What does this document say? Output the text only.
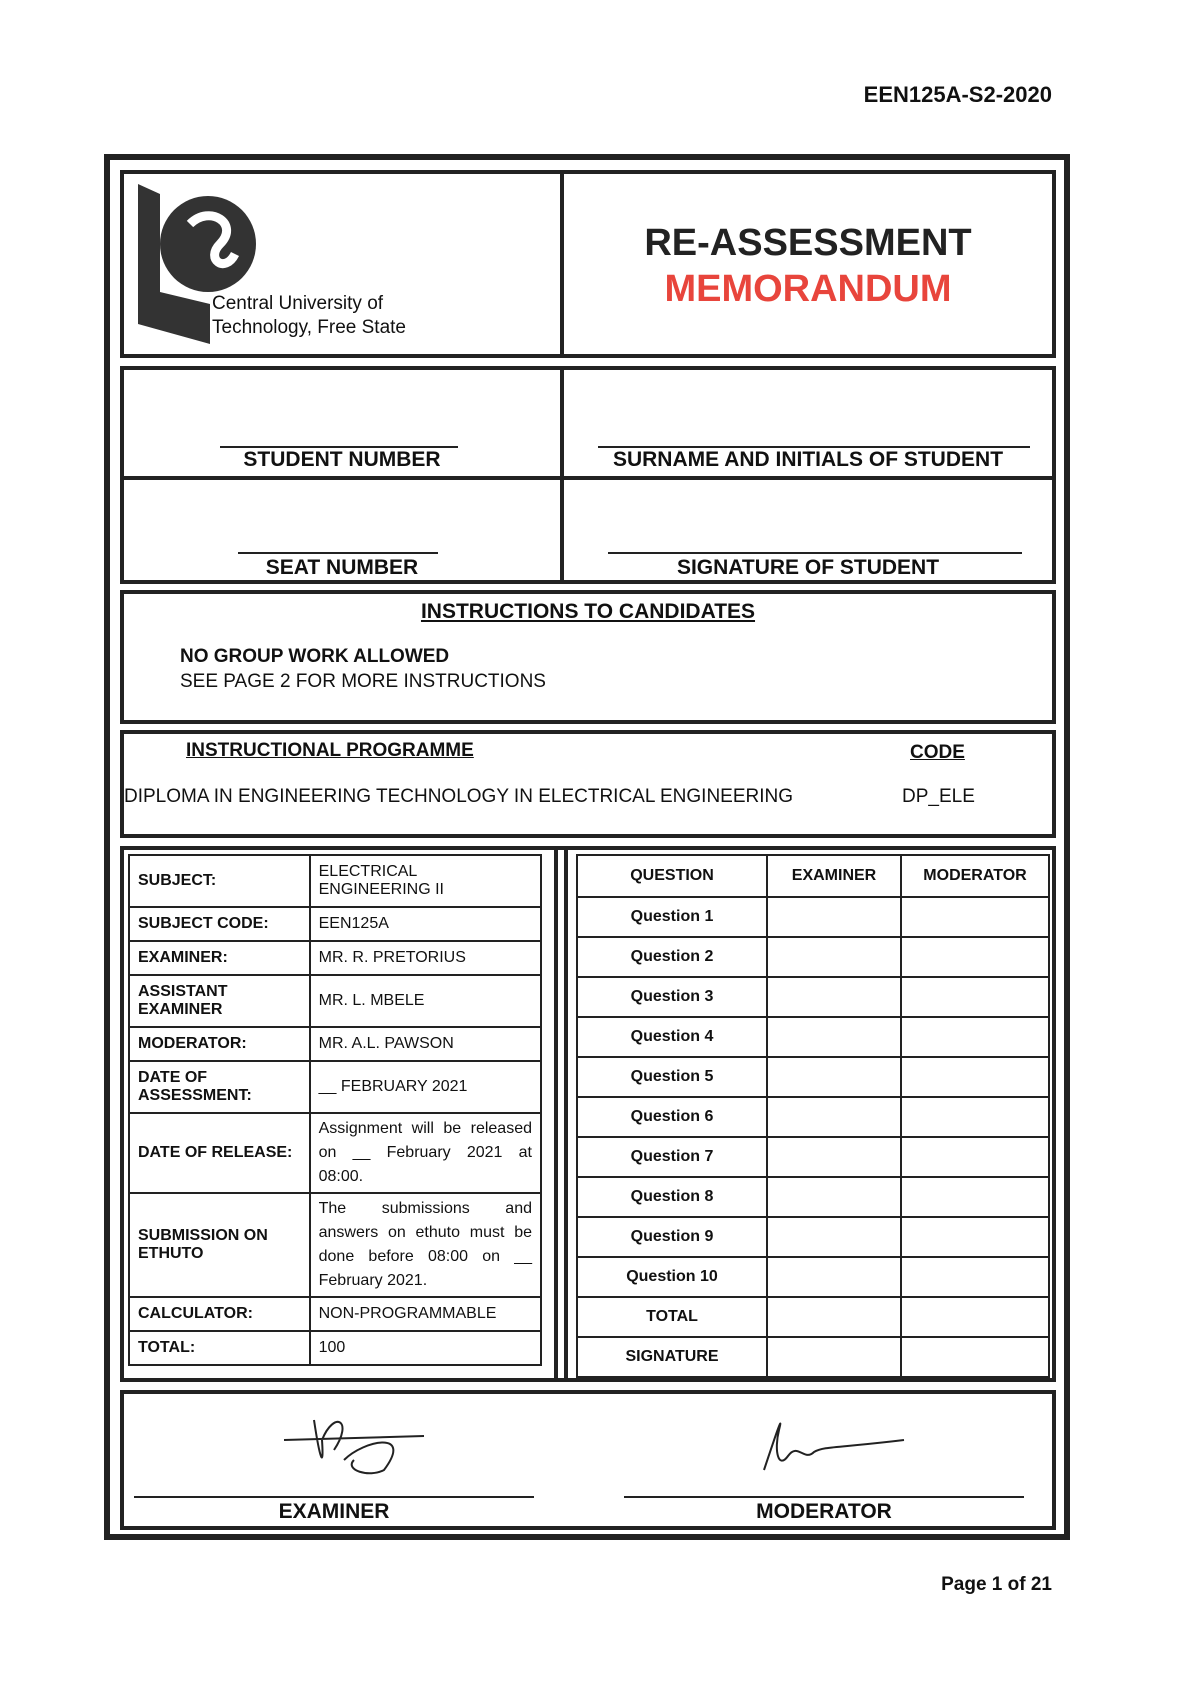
EEN125A-S2-2020
Central University of
Technology, Free State
RE-ASSESSMENT
MEMORANDUM
STUDENT NUMBER	SURNAME AND INITIALS OF STUDENT
SEAT NUMBER	SIGNATURE OF STUDENT
INSTRUCTIONS TO CANDIDATES
NO GROUP WORK ALLOWED
SEE PAGE 2 FOR MORE INSTRUCTIONS
INSTRUCTIONAL PROGRAMME	CODE
DIPLOMA IN ENGINEERING TECHNOLOGY IN ELECTRICAL ENGINEERING	DP_ELE
SUBJECT:	ELECTRICAL ENGINEERING II
SUBJECT CODE:	EEN125A
EXAMINER:	MR. R. PRETORIUS
ASSISTANT EXAMINER	MR. L. MBELE
MODERATOR:	MR. A.L. PAWSON
DATE OF ASSESSMENT:	__ FEBRUARY 2021
DATE OF RELEASE:	Assignment will be released on __ February 2021 at 08:00.
SUBMISSION ON ETHUTO	The submissions and answers on ethuto must be done before 08:00 on __ February 2021.
CALCULATOR:	NON-PROGRAMMABLE
TOTAL:	100
QUESTION	EXAMINER	MODERATOR
Question 1		
Question 2		
Question 3		
Question 4		
Question 5		
Question 6		
Question 7		
Question 8		
Question 9		
Question 10		
TOTAL		
SIGNATURE		
EXAMINER	MODERATOR
Page 1 of 21
